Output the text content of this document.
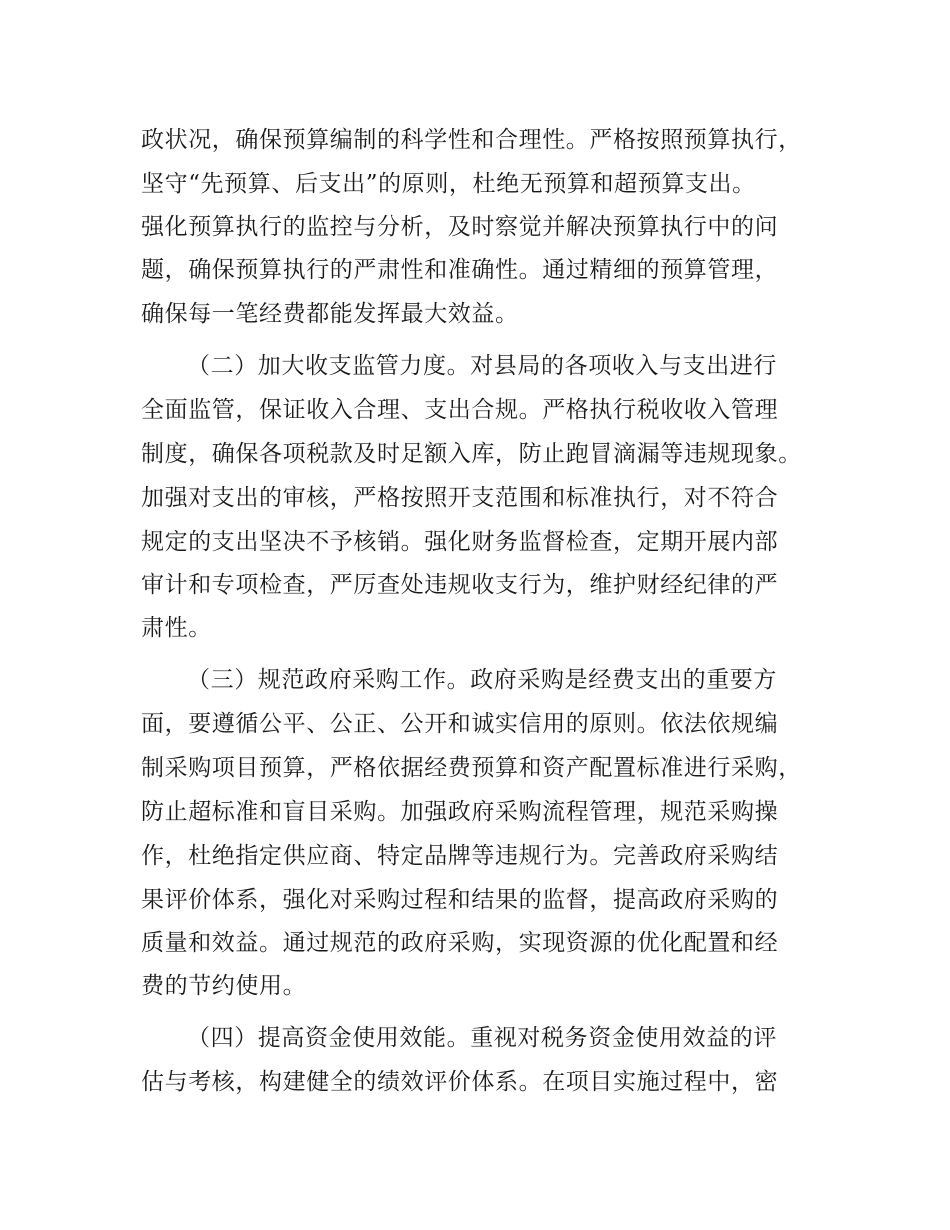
政状况，确保预算编制的科学性和合理性。严格按照预算执行，
坚守“先预算、后支出”的原则，杜绝无预算和超预算支出。
强化预算执行的监控与分析，及时察觉并解决预算执行中的问
题，确保预算执行的严肃性和准确性。通过精细的预算管理，
确保每一笔经费都能发挥最大效益。
（二）加大收支监管力度。对县局的各项收入与支出进行
全面监管，保证收入合理、支出合规。严格执行税收收入管理
制度，确保各项税款及时足额入库，防止跑冒滴漏等违规现象。
加强对支出的审核，严格按照开支范围和标准执行，对不符合
规定的支出坚决不予核销。强化财务监督检查，定期开展内部
审计和专项检查，严厉查处违规收支行为，维护财经纪律的严
肃性。
（三）规范政府采购工作。政府采购是经费支出的重要方
面，要遵循公平、公正、公开和诚实信用的原则。依法依规编
制采购项目预算，严格依据经费预算和资产配置标准进行采购，
防止超标准和盲目采购。加强政府采购流程管理，规范采购操
作，杜绝指定供应商、特定品牌等违规行为。完善政府采购结
果评价体系，强化对采购过程和结果的监督，提高政府采购的
质量和效益。通过规范的政府采购，实现资源的优化配置和经
费的节约使用。
（四）提高资金使用效能。重视对税务资金使用效益的评
估与考核，构建健全的绩效评价体系。在项目实施过程中，密
